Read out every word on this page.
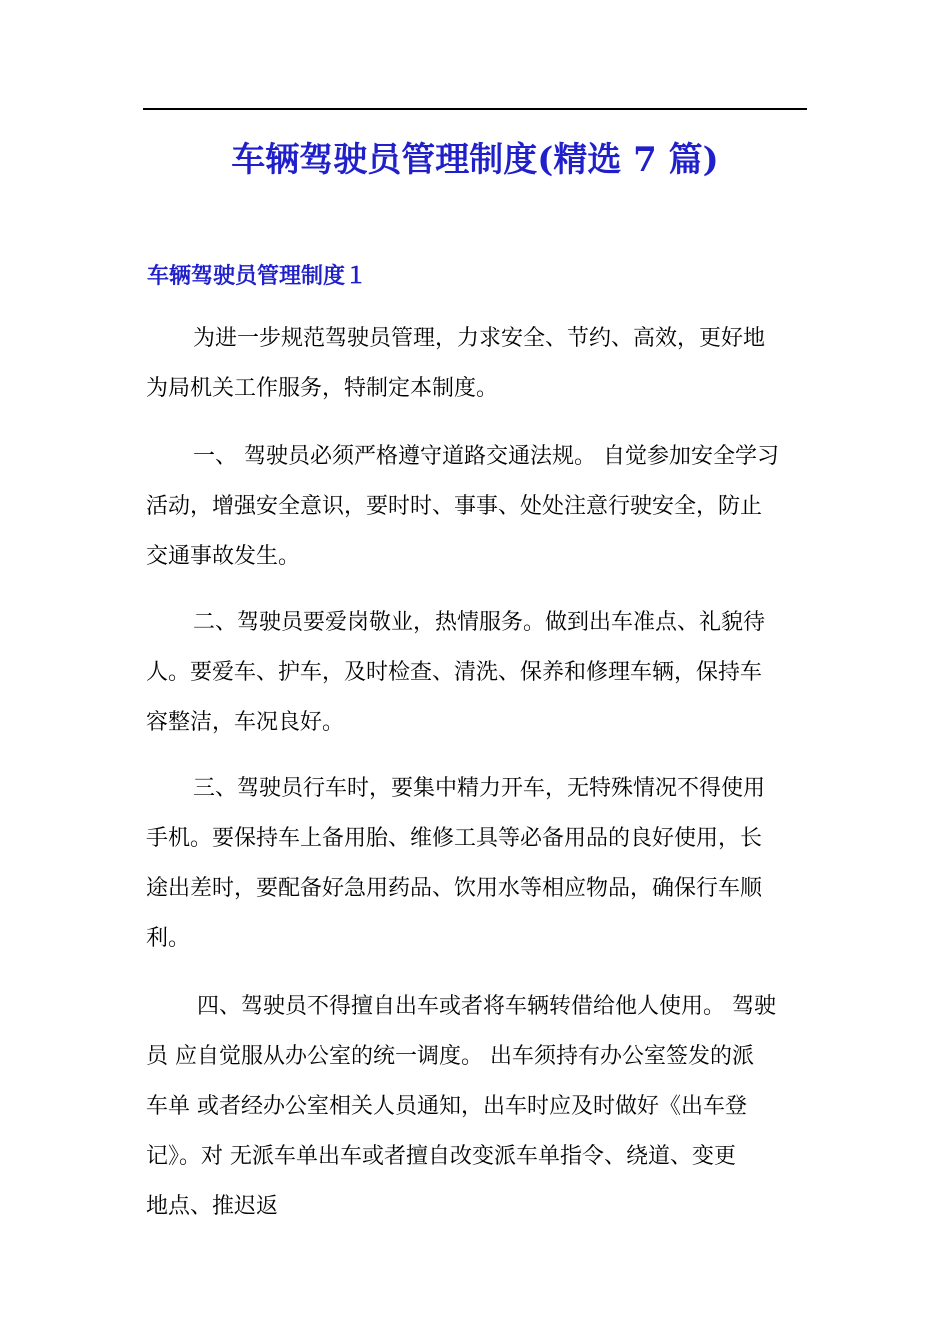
车辆驾驶员管理制度(精选 7 篇)
车辆驾驶员管理制度１
为进一步规范驾驶员管理，力求安全、节约、高效，更好地
为局机关工作服务，特制定本制度。
一、 驾驶员必须严格遵守道路交通法规。 自觉参加安全学习
活动，增强安全意识，要时时、事事、处处注意行驶安全，防止
交通事故发生。
二、驾驶员要爱岗敬业，热情服务。做到出车准点、礼貌待
人。要爱车、护车，及时检查、清洗、保养和修理车辆，保持车
容整洁，车况良好。
三、驾驶员行车时，要集中精力开车，无特殊情况不得使用
手机。要保持车上备用胎、维修工具等必备用品的良好使用，长
途出差时，要配备好急用药品、饮用水等相应物品，确保行车顺
利。
四、驾驶员不得擅自出车或者将车辆转借给他人使用。 驾驶
员 应自觉服从办公室的统一调度。 出车须持有办公室签发的派
车单 或者经办公室相关人员通知，出车时应及时做好《出车登
记》。对 无派车单出车或者擅自改变派车单指令、绕道、变更
地点、推迟返
